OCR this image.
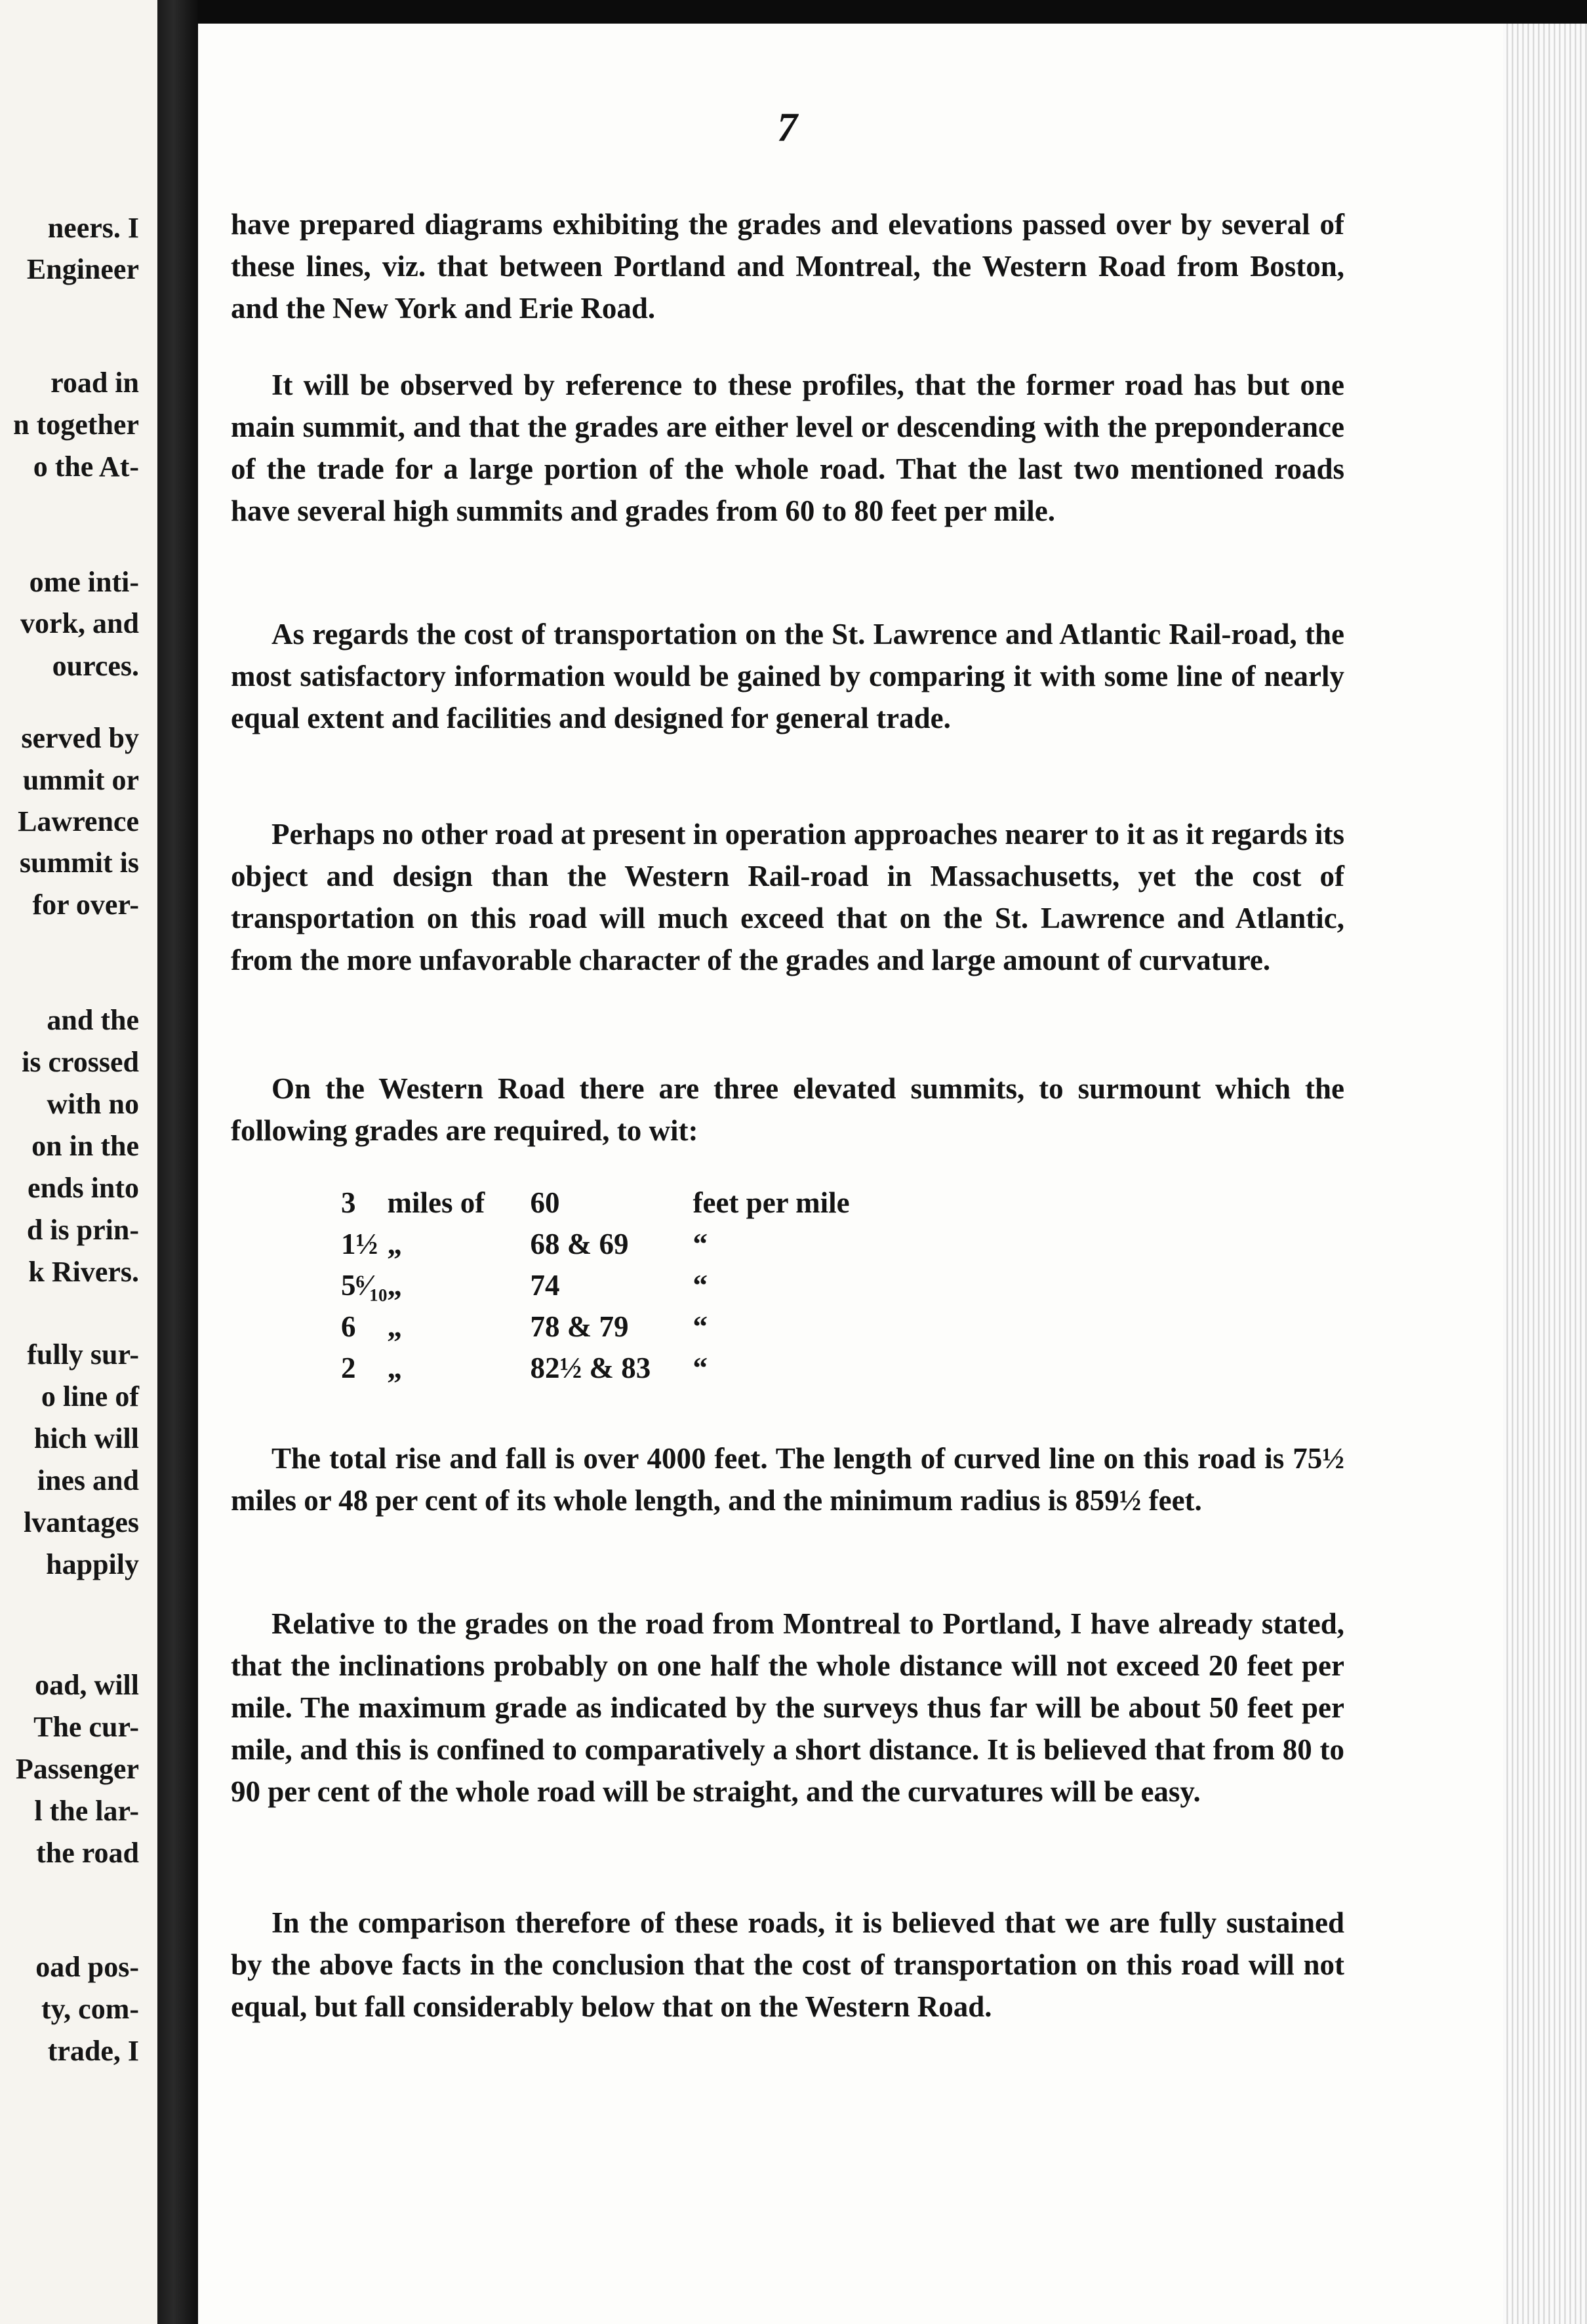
neers. I
Engineer
road in
n together
o the At-
ome inti-
vork, and
ources.
served by
ummit or
Lawrence
summit is
for over-
and the
is crossed
with no
on in the
ends into
d is prin-
k Rivers.
fully sur-
o line of
hich will
ines and
lvantages
happily
oad, will
The cur-
Passenger
l the lar-
the road
oad pos-
ty, com-
trade, I
7

have prepared diagrams exhibiting the grades and elevations passed over by several of these lines, viz. that between Portland and Montreal, the Western Road from Boston, and the New York and Erie Road.

It will be observed by reference to these profiles, that the former road has but one main summit, and that the grades are either level or descending with the preponderance of the trade for a large portion of the whole road. That the last two mentioned roads have several high summits and grades from 60 to 80 feet per mile.

As regards the cost of transportation on the St. Lawrence and Atlantic Rail-road, the most satisfactory information would be gained by comparing it with some line of nearly equal extent and facilities and designed for general trade.

Perhaps no other road at present in operation approaches nearer to it as it regards its object and design than the Western Rail-road in Massachusetts, yet the cost of transportation on this road will much exceed that on the St. Lawrence and Atlantic, from the more unfavorable character of the grades and large amount of curvature.

On the Western Road there are three elevated summits, to surmount which the following grades are required, to wit:

3	miles of	60	feet per mile
1½	„	68 & 69	“
5⁶⁄₁₀	„	74	“
6	„	78 & 79	“
2	„	82½ & 83	“

The total rise and fall is over 4000 feet. The length of curved line on this road is 75½ miles or 48 per cent of its whole length, and the minimum radius is 859½ feet.

Relative to the grades on the road from Montreal to Portland, I have already stated, that the inclinations probably on one half the whole distance will not exceed 20 feet per mile. The maximum grade as indicated by the surveys thus far will be about 50 feet per mile, and this is confined to comparatively a short distance. It is believed that from 80 to 90 per cent of the whole road will be straight, and the curvatures will be easy.

In the comparison therefore of these roads, it is believed that we are fully sustained by the above facts in the conclusion that the cost of transportation on this road will not equal, but fall considerably below that on the Western Road.
